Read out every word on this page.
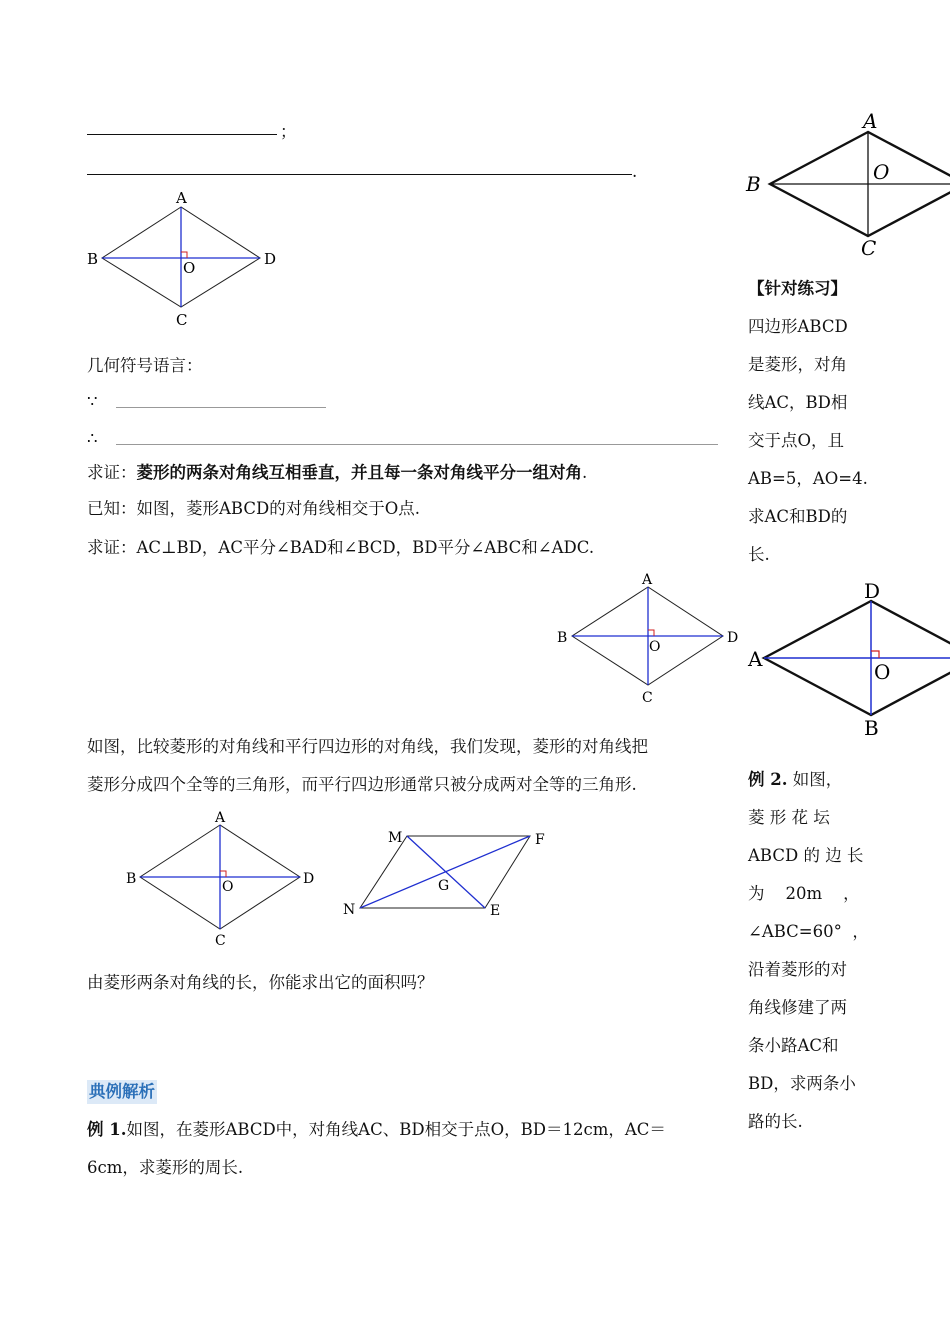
；
.
A
B	D
O
C
几何符号语言：
∵
∴
求证：菱形的两条对角线互相垂直，并且每一条对角线平分一组对角.
已知：如图，菱形ABCD的对角线相交于O点.
求证：AC⊥BD，AC平分∠BAD和∠BCD，BD平分∠ABC和∠ADC.
A
B	D
O
C
如图，比较菱形的对角线和平行四边形的对角线，我们发现，菱形的对角线把
菱形分成四个全等的三角形，而平行四边形通常只被分成两对全等的三角形.
A
B	D
O
C
M	F
N	E
G
由菱形两条对角线的长，你能求出它的面积吗？
典例解析
例 1.如图，在菱形ABCD中，对角线AC、BD相交于点O，BD＝12cm，AC＝
6cm，求菱形的周长.
A
B	O
C
【针对练习】
四边形ABCD
是菱形，对角
线AC，BD相
交于点O，且
AB=5，AO=4.
求AC和BD的
长.
D
A
O
B
例 2. 如图，
菱 形 花 坛
ABCD 的 边 长
为    20m    ，
∠ABC=60°  ，
沿着菱形的对
角线修建了两
条小路AC和
BD，求两条小
路的长.
